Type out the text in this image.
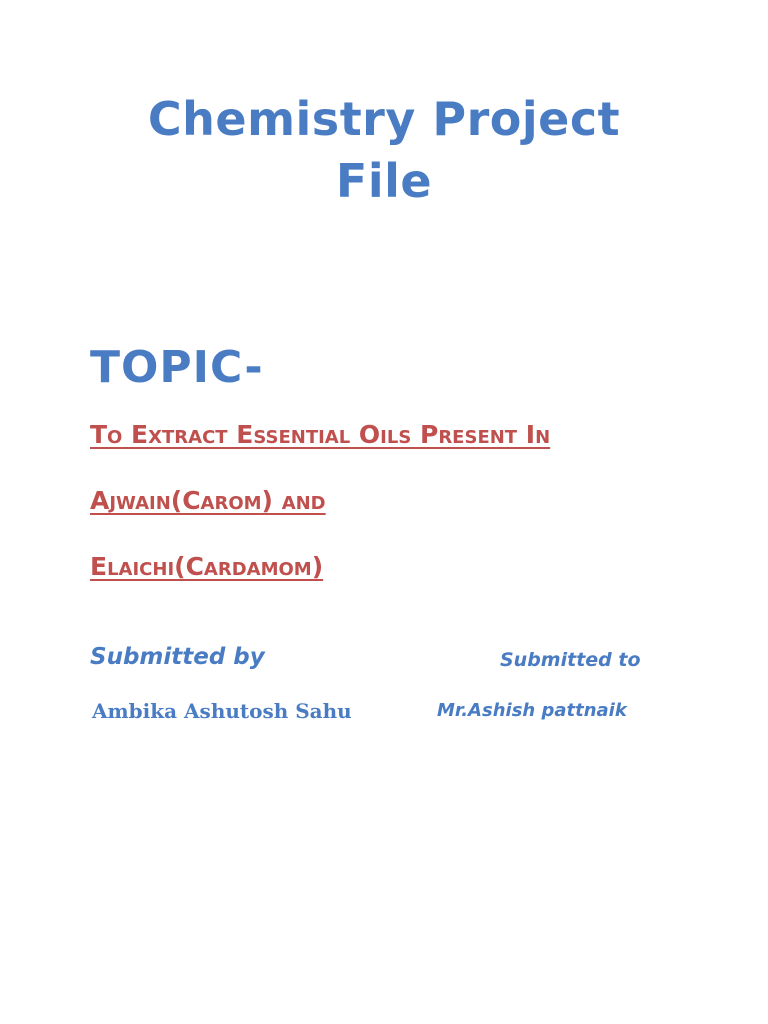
Chemistry Project
File
TOPIC-
To Extract Essential Oils Present In
Ajwain(Carom) and
Elaichi(Cardamom)
Submitted by	Submitted to
Ambika Ashutosh Sahu	Mr.Ashish pattnaik
